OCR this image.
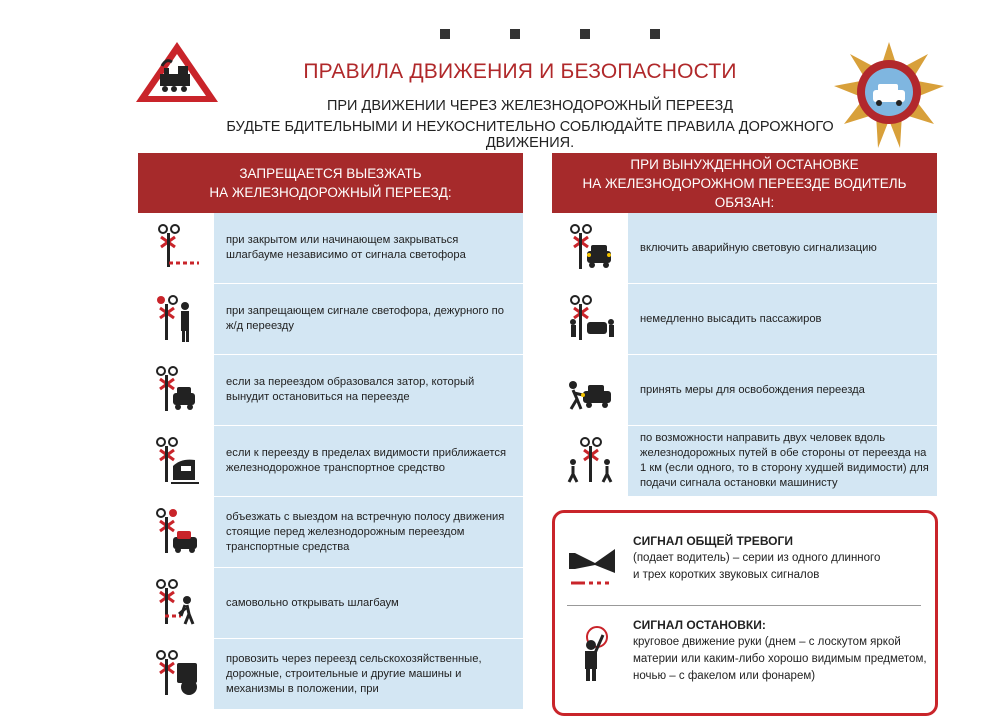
ПРАВИЛА ДВИЖЕНИЯ И БЕЗОПАСНОСТИ
ПРИ ДВИЖЕНИИ ЧЕРЕЗ ЖЕЛЕЗНОДОРОЖНЫЙ ПЕРЕЕЗД
БУДЬТЕ БДИТЕЛЬНЫМИ И НЕУКОСНИТЕЛЬНО СОБЛЮДАЙТЕ ПРАВИЛА ДОРОЖНОГО ДВИЖЕНИЯ.
ЗАПРЕЩАЕТСЯ ВЫЕЗЖАТЬ
НА ЖЕЛЕЗНОДОРОЖНЫЙ ПЕРЕЕЗД:
при закрытом или начинающем закрываться шлагбауме независимо от сигнала светофора
при запрещающем сигнале светофора, дежурного по ж/д переезду
если за переездом образовался затор, который вынудит остановиться на переезде
если к переезду в пределах видимости приближается железнодорожное транспортное средство
объезжать с выездом на встречную полосу движения стоящие перед железнодорожным переездом транспортные средства
самовольно открывать шлагбаум
провозить через переезд сельскохозяйственные, дорожные, строительные и другие машины и механизмы в положении, при
ПРИ ВЫНУЖДЕННОЙ ОСТАНОВКЕ
НА ЖЕЛЕЗНОДОРОЖНОМ ПЕРЕЕЗДЕ ВОДИТЕЛЬ ОБЯЗАН:
включить аварийную световую сигнализацию
немедленно высадить пассажиров
принять меры для освобождения переезда
по возможности направить двух человек вдоль железнодорожных путей в обе стороны от переезда на 1 км (если одного, то в сторону худшей видимости) для подачи сигнала остановки машинисту
СИГНАЛ ОБЩЕЙ ТРЕВОГИ
(подает водитель) – серии из одного длинного
и трех коротких звуковых сигналов
СИГНАЛ ОСТАНОВКИ:
круговое движение руки (днем – с лоскутом яркой
материи или каким-либо хорошо видимым предметом,
ночью – с факелом или фонарем)
